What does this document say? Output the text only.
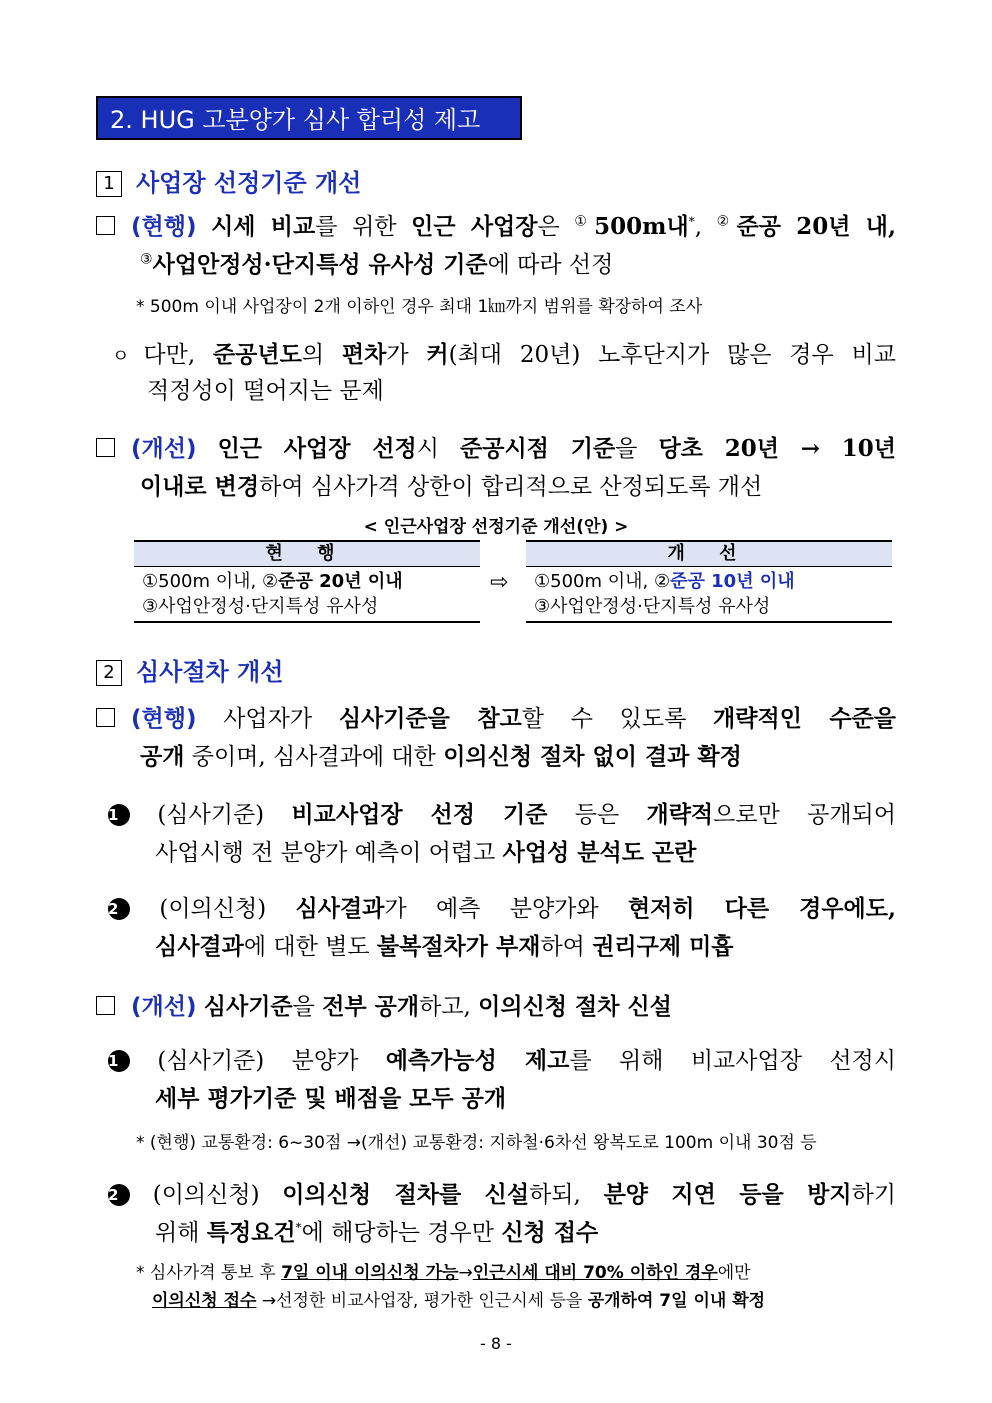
2. HUG 고분양가 심사 합리성 제고
1 사업장 선정기준 개선
(현행) 시세 비교를 위한 인근 사업장은 ①500m내*, ②준공 20년 내,
③사업안정성·단지특성 유사성 기준에 따라 선정
* 500m 이내 사업장이 2개 이하인 경우 최대 1㎞까지 범위를 확장하여 조사
ㅇ 다만, 준공년도의 편차가 커(최대 20년) 노후단지가 많은 경우 비교
적정성이 떨어지는 문제
(개선) 인근 사업장 선정시 준공시점 기준을 당초 20년 → 10년
이내로 변경하여 심사가격 상한이 합리적으로 산정되도록 개선
< 인근사업장 선정기준 개선(안) >
현 행
①500m 이내, ②준공 20년 이내
③사업안정성·단지특성 유사성
⇨
개 선
①500m 이내, ②준공 10년 이내
③사업안정성·단지특성 유사성
2 심사절차 개선
(현행) 사업자가 심사기준을 참고할 수 있도록 개략적인 수준을
공개 중이며, 심사결과에 대한 이의신청 절차 없이 결과 확정
1 (심사기준) 비교사업장 선정 기준 등은 개략적으로만 공개되어
사업시행 전 분양가 예측이 어렵고 사업성 분석도 곤란
2 (이의신청) 심사결과가 예측 분양가와 현저히 다른 경우에도,
심사결과에 대한 별도 불복절차가 부재하여 권리구제 미흡
(개선) 심사기준을 전부 공개하고, 이의신청 절차 신설
1 (심사기준) 분양가 예측가능성 제고를 위해 비교사업장 선정시
세부 평가기준 및 배점을 모두 공개
* (현행) 교통환경: 6~30점 →(개선) 교통환경: 지하철·6차선 왕복도로 100m 이내 30점 등
2 (이의신청) 이의신청 절차를 신설하되, 분양 지연 등을 방지하기
위해 특정요건*에 해당하는 경우만 신청 접수
* 심사가격 통보 후 7일 이내 이의신청 가능→인근시세 대비 70% 이하인 경우에만
이의신청 접수 →선정한 비교사업장, 평가한 인근시세 등을 공개하여 7일 이내 확정
- 8 -
